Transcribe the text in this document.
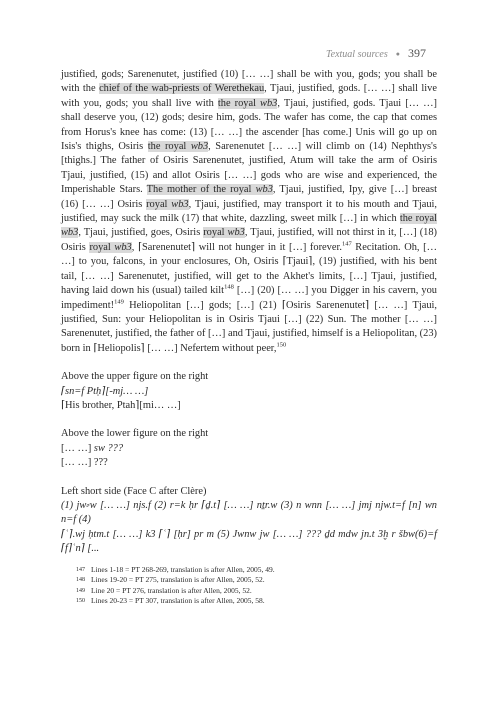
Textual sources ● 397

justified, gods; Sarenenutet, justified (10) [… …] shall be with you, gods; you shall be with the chief of the wab-priests of Werethekau, Tjaui, justified, gods. [… …] shall live with you, gods; you shall live with the royal wb3, Tjaui, justified, gods. Tjaui [… …] shall deserve you, (12) gods; desire him, gods. The wafer has come, the cap that comes from Horus's knee has come: (13) [… …] the ascender [has come.] Unis will go up on Isis's thighs, Osiris the royal wb3, Sarenenutet [… …] will climb on (14) Nephthys's [thighs.] The father of Osiris Sarenenutet, justified, Atum will take the arm of Osiris Tjaui, justified, (15) and allot Osiris [… …] gods who are wise and experienced, the Imperishable Stars. The mother of the royal wb3, Tjaui, justified, Ipy, give […] breast (16) [… …] Osiris royal wb3, Tjaui, justified, may transport it to his mouth and Tjaui, justified, may suck the milk (17) that white, dazzling, sweet milk […] in which the royal wb3, Tjaui, justified, goes, Osiris royal wb3, Tjaui, justified, will not thirst in it, […] (18) Osiris royal wb3, ⌈Sarenenutet⌉ will not hunger in it […] forever.$^{147}$ Recitation. Oh, [… …] to you, falcons, in your enclosures, Oh, Osiris ⌈Tjaui⌉, (19) justified, with his bent tail, [… …] Sarenenutet, justified, will get to the Akhet's limits, […] Tjaui, justified, having laid down his (usual) tailed kilt$^{148}$ […] (20) [… …] you Digger in his cavern, you impediment!$^{149}$ Heliopolitan […] gods; […] (21) ⌈Osiris Sarenenutet⌉ [… …] Tjaui, justified, Sun: your Heliopolitan is in Osiris Tjaui […] (22) Sun. The mother [… …] Sarenenutet, justified, the father of […] and Tjaui, justified, himself is a Heliopolitan, (23) born in ⌈Heliopolis⌉ [… …] Nefertem without peer,$^{150}$

Above the upper figure on the right

⌈sn=f Ptḥ⌉[-mj… …]

⌈His brother, Ptah⌉[mi… …]

Above the lower figure on the right

[… …] sw ???

[… …] ???

Left short side (Face C after Clère)

(1) jw⸗w [… …] njs.f (2) r=k ḥr ⌈ḏ.t⌉ [… …] nṯr.w (3) n wnn [… …] jmj njw.t=f [n] wn n=f (4)

⌈ʿ⌉.wj ḥtm.t [… …] k3 ⌈ʿ⌉ [ḥr] pr m (5) Jwnw jw [… …] ??? ḏd mdw jn.t 3ḫ r šbw(6)=f ⌈f⌉ʿn⌉ [...

147 Lines 1-18 = PT 268-269, translation is after Allen, 2005, 49.
148 Lines 19-20 = PT 275, translation is after Allen, 2005, 52.
149 Line 20 = PT 276, translation is after Allen, 2005, 52.
150 Lines 20-23 = PT 307, translation is after Allen, 2005, 58.
